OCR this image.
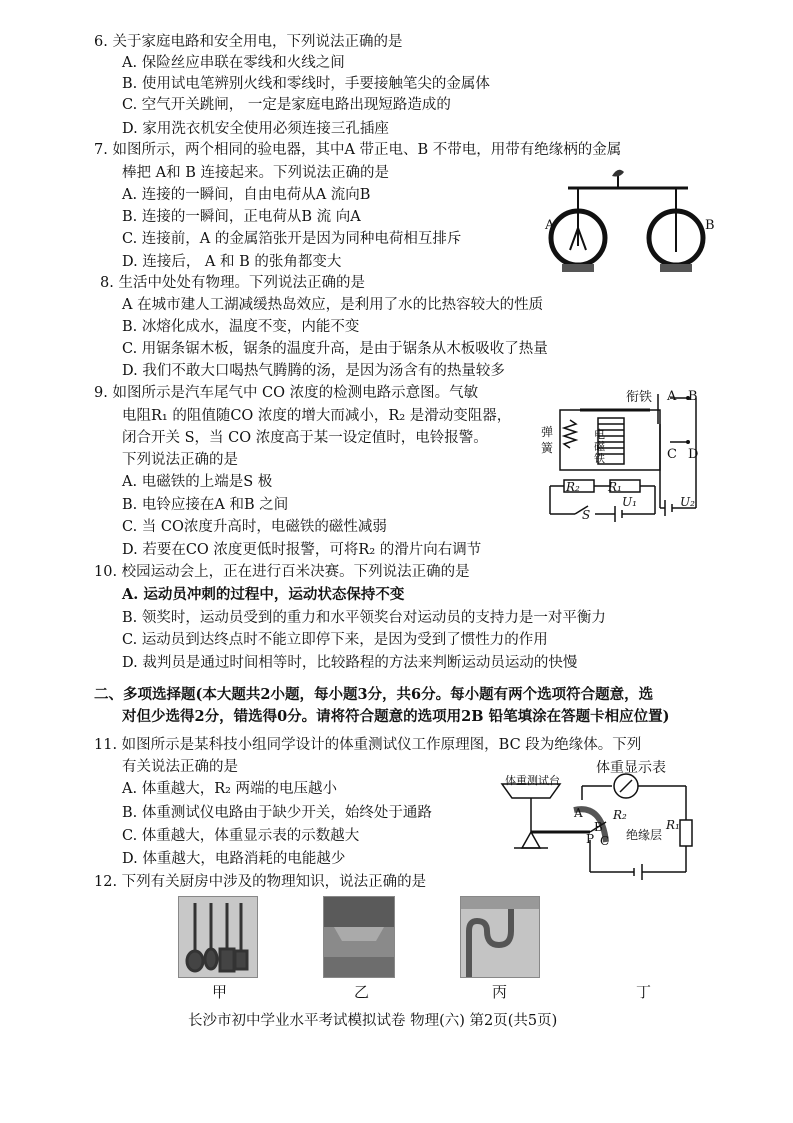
6. 关于家庭电路和安全用电，下列说法正确的是
A. 保险丝应串联在零线和火线之间
B. 使用试电笔辨别火线和零线时，手要接触笔尖的金属体
C. 空气开关跳闸， 一定是家庭电路出现短路造成的
D. 家用洗衣机安全使用必须连接三孔插座
7. 如图所示，两个相同的验电器，其中A 带正电、B 不带电，用带有绝缘柄的金属
棒把 A和 B 连接起来。下列说法正确的是
A. 连接的一瞬间，自由电荷从A 流向B
B. 连接的一瞬间，正电荷从B 流 向A
C. 连接前，A 的金属箔张开是因为同种电荷相互排斥
D. 连接后， A 和 B 的张角都变大
A	B
8. 生活中处处有物理。下列说法正确的是
A 在城市建人工湖减缓热岛效应，是利用了水的比热容较大的性质
B. 冰熔化成水，温度不变，内能不变
C. 用锯条锯木板，锯条的温度升高，是由于锯条从木板吸收了热量
D. 我们不敢大口喝热气腾腾的汤，是因为汤含有的热量较多
9. 如图所示是汽车尾气中 CO 浓度的检测电路示意图。气敏
电阻R₁ 的阻值随CO 浓度的增大而减小，R₂ 是滑动变阻器，
闭合开关 S，当 CO 浓度高于某一设定值时，电铃报警。
下列说法正确的是
A. 电磁铁的上端是S 极
B. 电铃应接在A 和B 之间
C. 当 CO浓度升高时，电磁铁的磁性减弱
D. 若要在CO 浓度更低时报警，可将R₂ 的滑片向右调节
衔铁
弹
簧
电
磁
铁
A B
C D
R₂ R₁
S
U₁	U₂
10. 校园运动会上，正在进行百米决赛。下列说法正确的是
A. 运动员冲刺的过程中，运动状态保持不变
B. 领奖时，运动员受到的重力和水平领奖台对运动员的支持力是一对平衡力
C. 运动员到达终点时不能立即停下来，是因为受到了惯性力的作用
D. 裁判员是通过时间相等时，比较路程的方法来判断运动员运动的快慢
二、多项选择题(本大题共2小题，每小题3分，共6分。每小题有两个选项符合题意，选
对但少选得2分，错选得0分。请将符合题意的选项用2B 铅笔填涂在答题卡相应位置)
11. 如图所示是某科技小组同学设计的体重测试仪工作原理图，BC 段为绝缘体。下列
有关说法正确的是
A. 体重越大，R₂ 两端的电压越小
B. 体重测试仪电路由于缺少开关，始终处于通路
C. 体重越大，体重显示表的示数越大
D. 体重越大，电路消耗的电能越少
体重显示表
体重测试台
A
B
P C
R₂
绝缘层
R₁
12. 下列有关厨房中涉及的物理知识，说法正确的是
甲	乙	丙	丁
长沙市初中学业水平考试模拟试卷 物理(六) 第2页(共5页)
